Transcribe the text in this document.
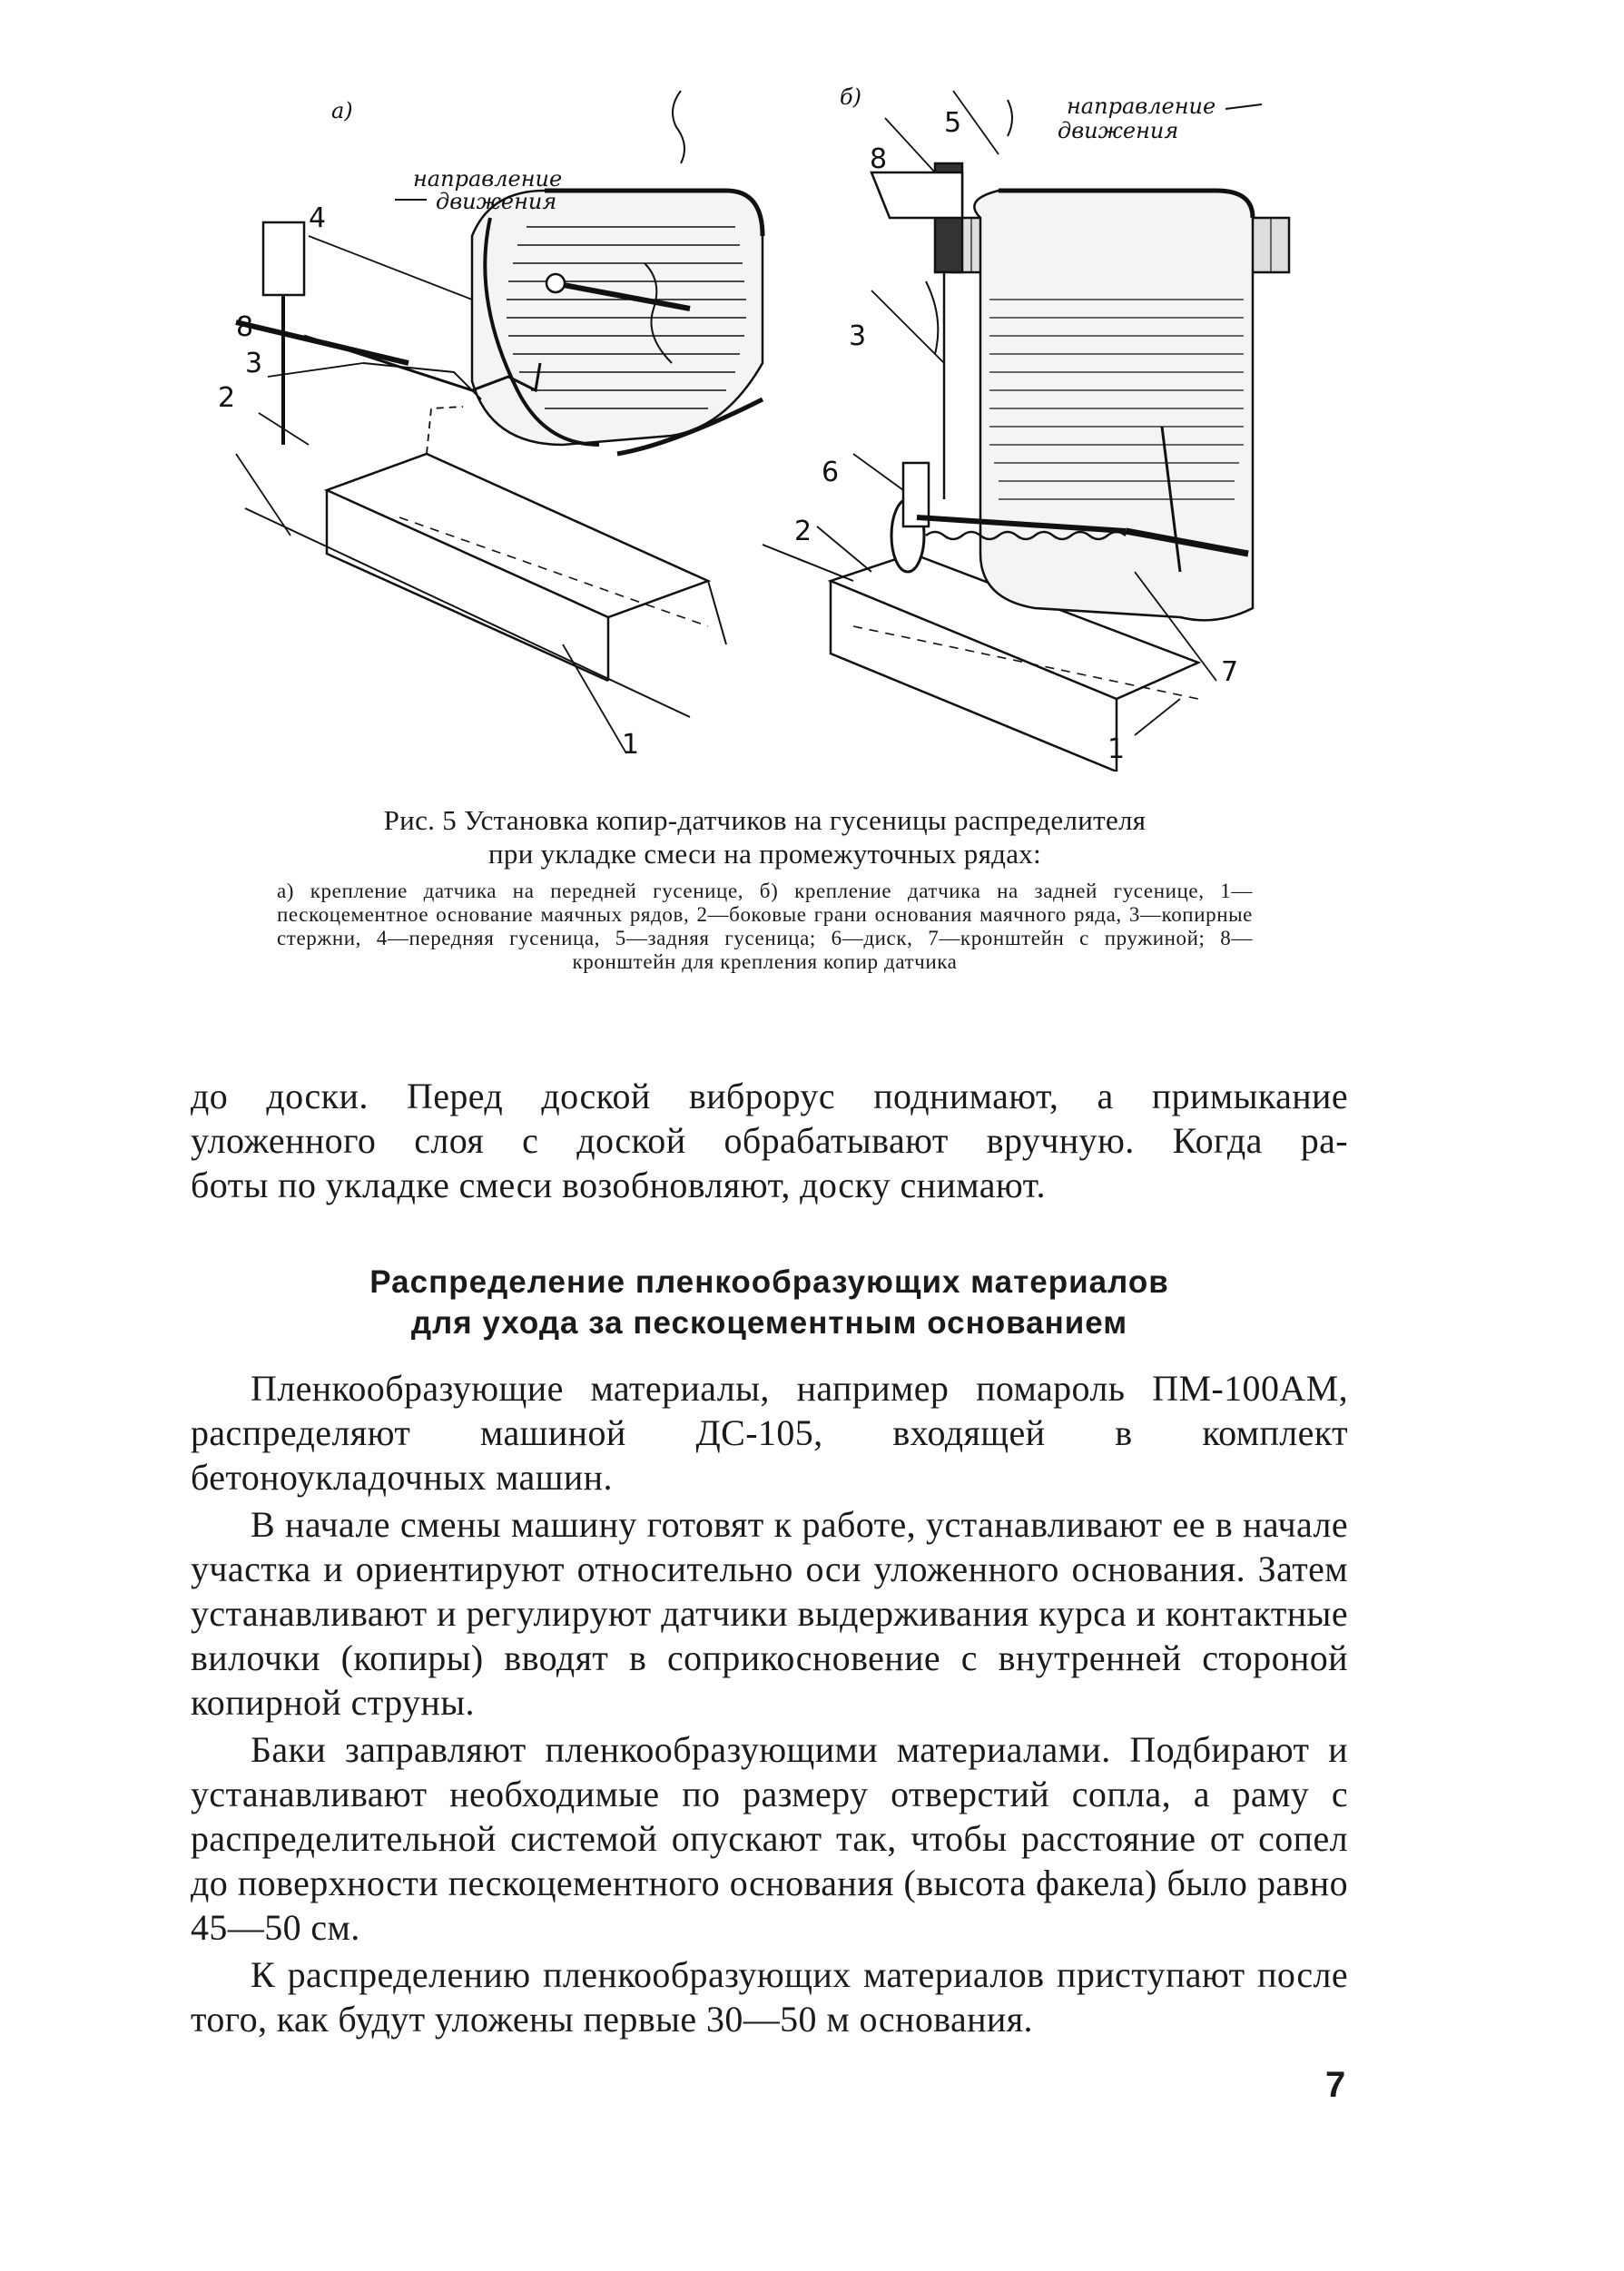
а)
направление
движения
4
8
3
2
1
б)	направление
движения
5
8
3
6
2
7
1
Рис. 5 Установка копир-датчиков на гусеницы распределителя
при укладке смеси на промежуточных рядах:
а) крепление датчика на передней гусенице, б) крепление датчика на задней гусенице, 1—пескоцементное основание маячных рядов, 2—боковые грани основания маячного ряда, 3—копирные стержни, 4—передняя гусеница, 5—задняя гусеница; 6—диск, 7—кронштейн с пружиной; 8—кронштейн для крепления копир датчика
до доски. Перед доской виброрус поднимают, а примыкание
уложенного слоя с доской обрабатывают вручную. Когда ра-
боты по укладке смеси возобновляют, доску снимают.
Распределение пленкообразующих материалов
для ухода за пескоцементным основанием

Пленкообразующие материалы, например помароль ПМ-100АМ, распределяют машиной ДС-105, входящей в комплект бетоноукладочных машин.

В начале смены машину готовят к работе, устанавливают ее в начале участка и ориентируют относительно оси уложенного основания. Затем устанавливают и регулируют датчики выдерживания курса и контактные вилочки (копиры) вводят в соприкосновение с внутренней стороной копирной струны.

Баки заправляют пленкообразующими материалами. Подбирают и устанавливают необходимые по размеру отверстий сопла, а раму с распределительной системой опускают так, чтобы расстояние от сопел до поверхности пескоцементного основания (высота факела) было равно 45—50 см.

К распределению пленкообразующих материалов приступают после того, как будут уложены первые 30—50 м основания.

7
